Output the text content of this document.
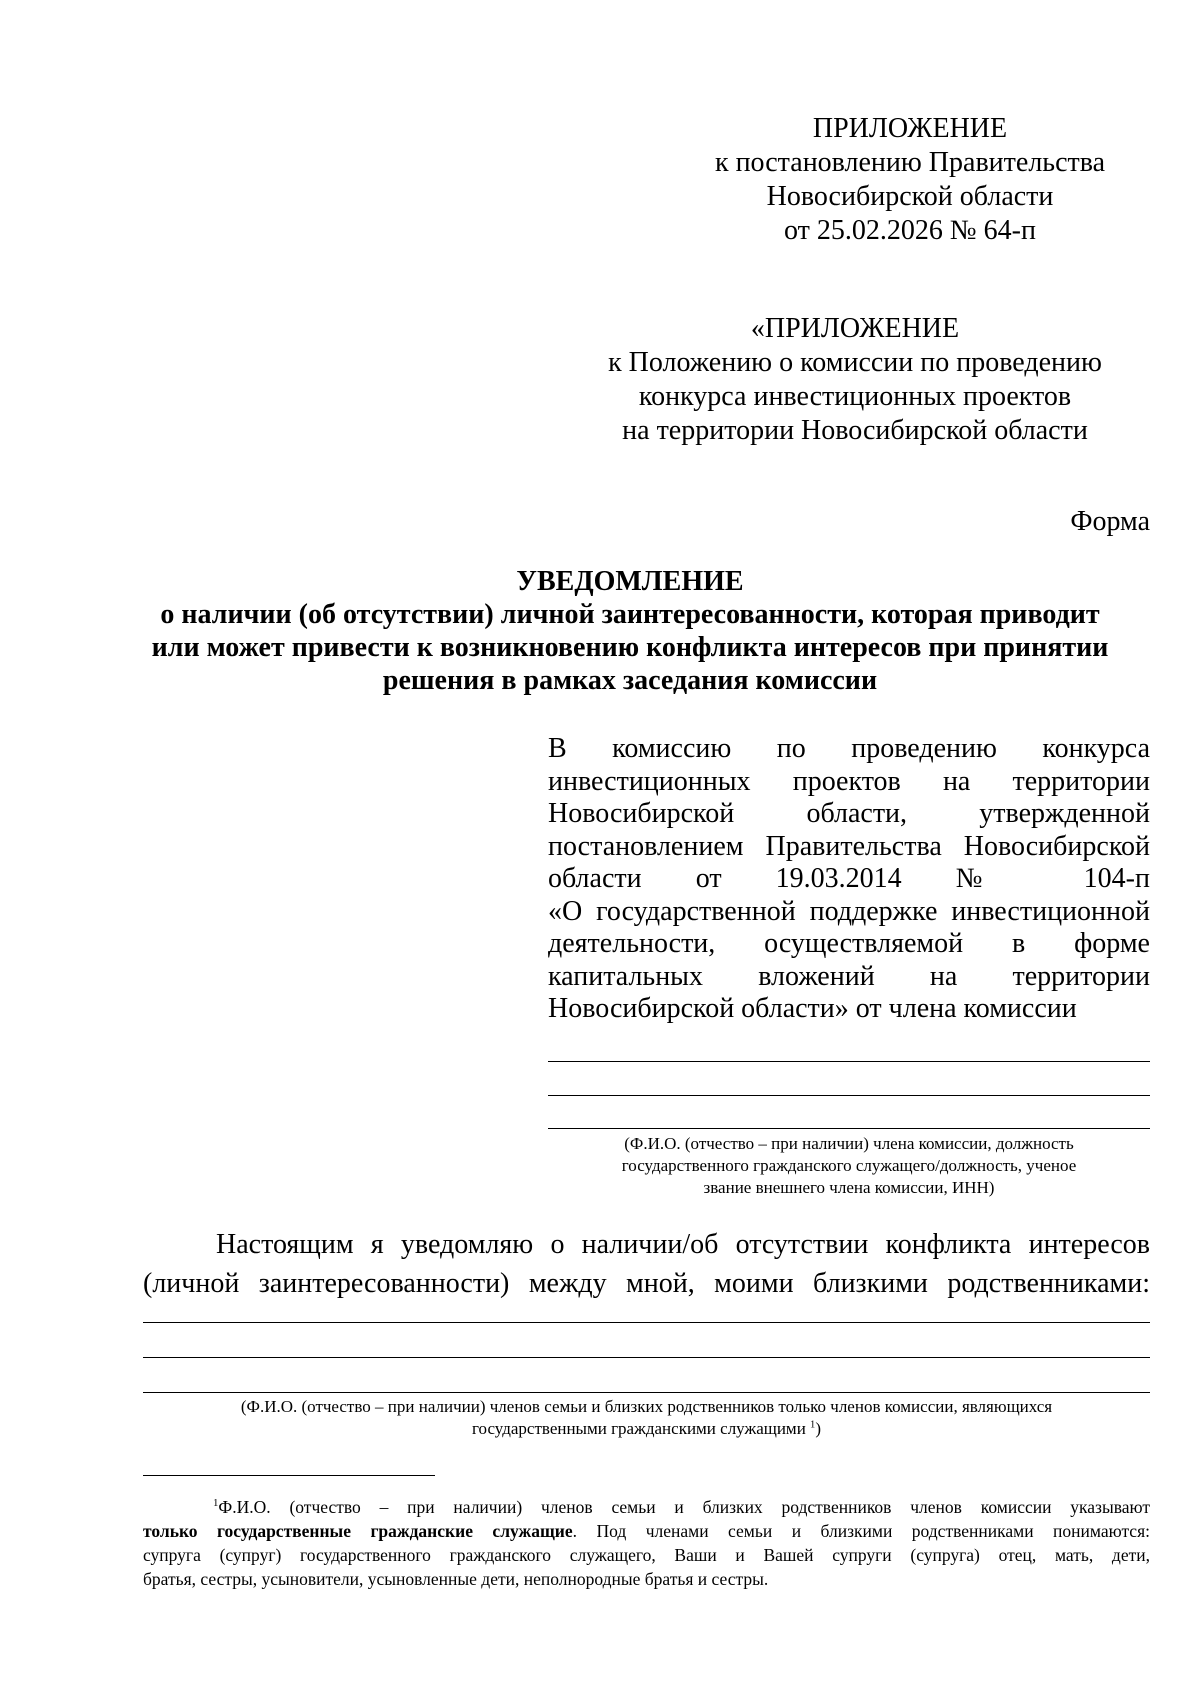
ПРИЛОЖЕНИЕ
к постановлению Правительства
Новосибирской области
от 25.02.2026 № 64-п
«ПРИЛОЖЕНИЕ
к Положению о комиссии по проведению
конкурса инвестиционных проектов
на территории Новосибирской области
Форма
УВЕДОМЛЕНИЕ
о наличии (об отсутствии) личной заинтересованности, которая приводит
или может привести к возникновению конфликта интересов при принятии
решения в рамках заседания комиссии
В комиссию по проведению конкурса
инвестиционных проектов на территории
Новосибирской области, утвержденной
постановлением Правительства Новосибирской
области от 19.03.2014 № 104-п
«О государственной поддержке инвестиционной
деятельности, осуществляемой в форме
капитальных вложений на территории
Новосибирской области» от члена комиссии
(Ф.И.О. (отчество – при наличии) члена комиссии, должность
государственного гражданского служащего/должность, ученое
звание внешнего члена комиссии, ИНН)
Настоящим я уведомляю о наличии/об отсутствии конфликта интересов
(личной заинтересованности) между мной, моими близкими родственниками:
(Ф.И.О. (отчество – при наличии) членов семьи и близких родственников только членов комиссии, являющихся
государственными гражданскими служащими $^1$)
$^1$Ф.И.О. (отчество – при наличии) членов семьи и близких родственников членов комиссии указывают
только государственные гражданские служащие. Под членами семьи и близкими родственниками понимаются:
супруга (супруг) государственного гражданского служащего, Ваши и Вашей супруги (супруга) отец, мать, дети,
братья, сестры, усыновители, усыновленные дети, неполнородные братья и сестры.
